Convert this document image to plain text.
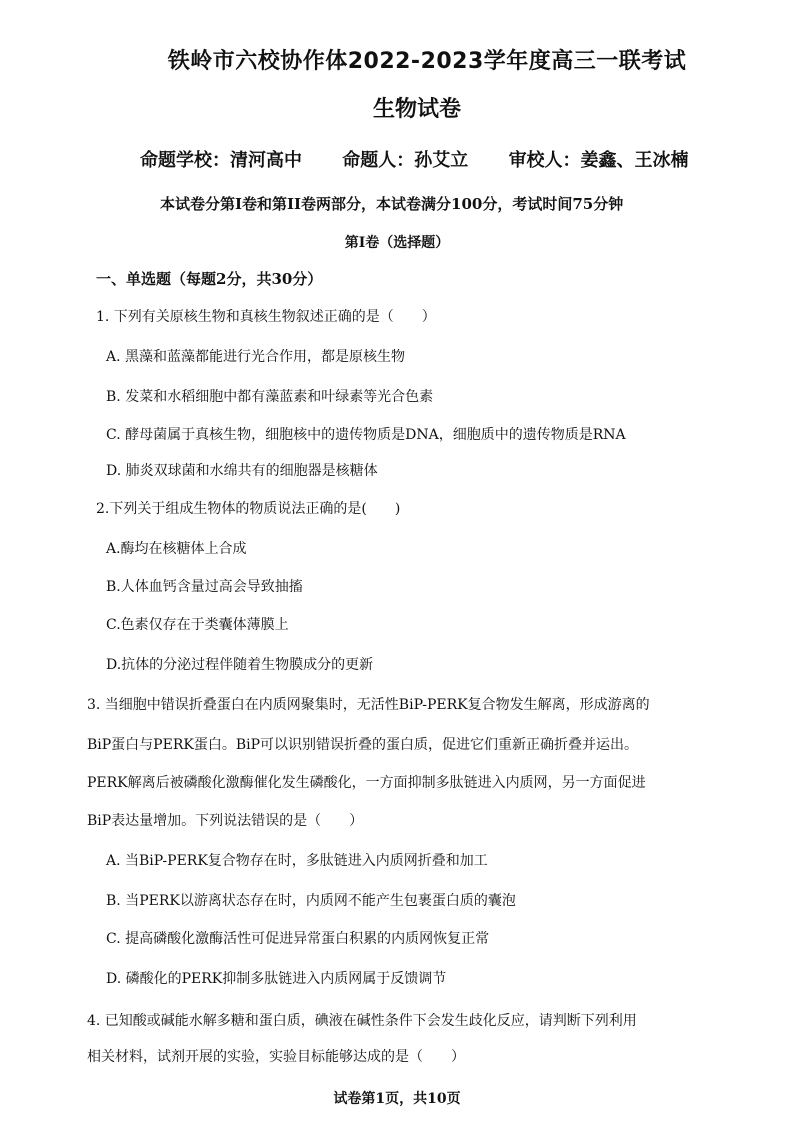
铁岭市六校协作体2022-2023学年度高三一联考试
生物试卷
命题学校：清河高中 命题人：孙艾立 审校人：姜鑫、王冰楠
本试卷分第I卷和第II卷两部分，本试卷满分100分，考试时间75分钟
第I卷（选择题）
一、单选题（每题2分，共30分）
1. 下列有关原核生物和真核生物叙述正确的是（　　）
A. 黑藻和蓝藻都能进行光合作用，都是原核生物
B. 发菜和水稻细胞中都有藻蓝素和叶绿素等光合色素
C. 酵母菌属于真核生物，细胞核中的遗传物质是DNA，细胞质中的遗传物质是RNA
D. 肺炎双球菌和水绵共有的细胞器是核糖体
2.下列关于组成生物体的物质说法正确的是(　　)
A.酶均在核糖体上合成
B.人体血钙含量过高会导致抽搐
C.色素仅存在于类囊体薄膜上
D.抗体的分泌过程伴随着生物膜成分的更新
3. 当细胞中错误折叠蛋白在内质网聚集时，无活性BiP-PERK复合物发生解离，形成游离的
BiP蛋白与PERK蛋白。BiP可以识别错误折叠的蛋白质，促进它们重新正确折叠并运出。
PERK解离后被磷酸化激酶催化发生磷酸化，一方面抑制多肽链进入内质网，另一方面促进
BiP表达量增加。下列说法错误的是（　　）
A. 当BiP-PERK复合物存在时，多肽链进入内质网折叠和加工
B. 当PERK以游离状态存在时，内质网不能产生包裹蛋白质的囊泡
C. 提高磷酸化激酶活性可促进异常蛋白积累的内质网恢复正常
D. 磷酸化的PERK抑制多肽链进入内质网属于反馈调节
4. 已知酸或碱能水解多糖和蛋白质，碘液在碱性条件下会发生歧化反应，请判断下列利用
相关材料，试剂开展的实验，实验目标能够达成的是（　　）
试卷第1页，共10页
